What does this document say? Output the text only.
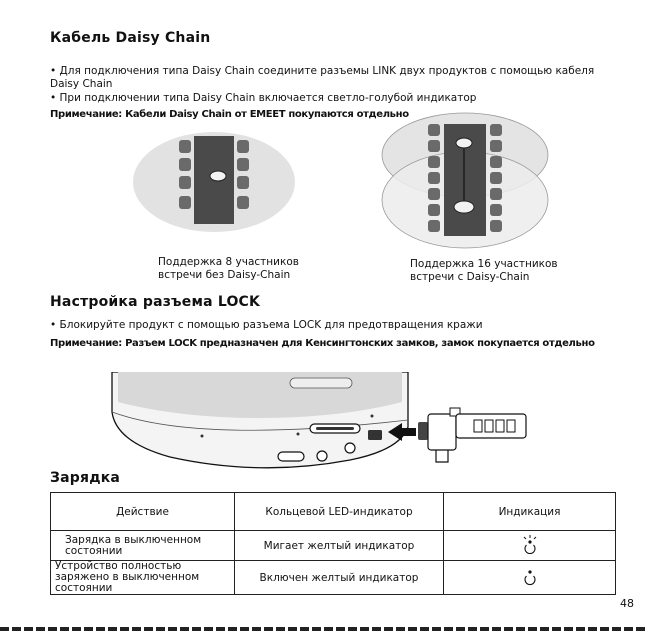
Кабель Daisy Chain
• Для подключения типа Daisy Chain соедините разъемы LINK двух продуктов с помощью кабеля
Daisy Chain
• При подключении типа Daisy Chain включается светло-голубой индикатор
Примечание: Кабели Daisy Chain от EMEET покупаются отдельно
Поддержка 8 участников
встречи без Daisy-Chain
Поддержка 16 участников
встречи с Daisy-Chain
Настройка разъема LOCK
• Блокируйте продукт с помощью разъема LOCK для предотвращения кражи
Примечание: Разъем LOCK предназначен для Кенсингтонских замков, замок покупается отдельно
Зарядка
Действие	Кольцевой LED-индикатор	Индикация

Зарядка в выключенном
состоянии	Мигает желтый индикатор	

Устройство полностью
заряжено в выключенном
состоянии	Включен желтый индикатор	
48
